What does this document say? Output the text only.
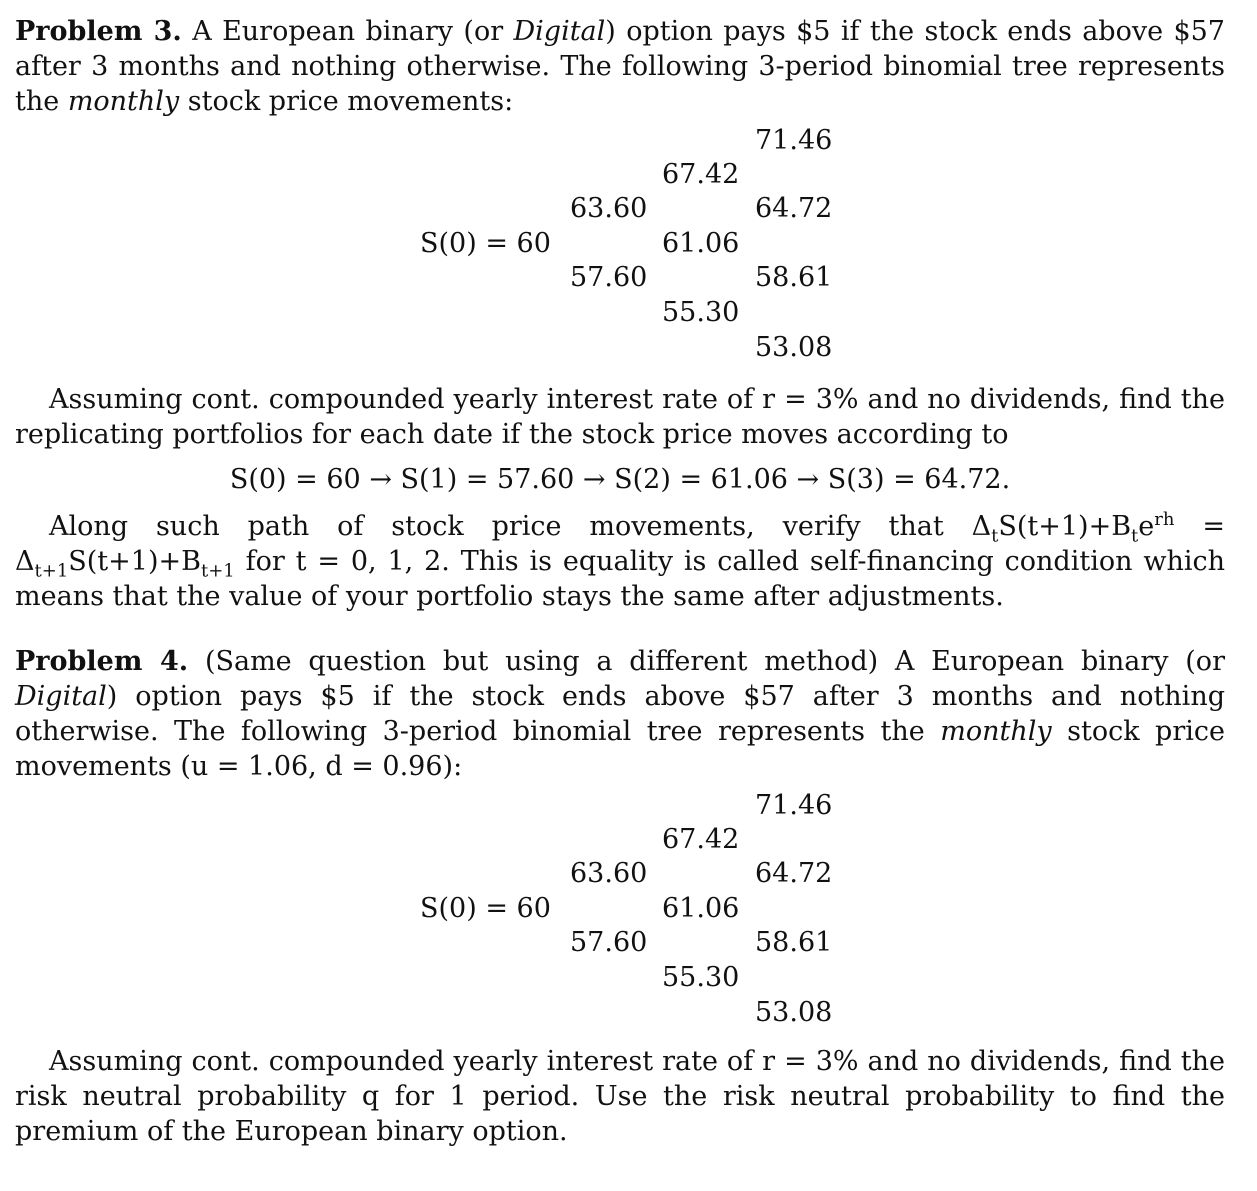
Problem 3. A European binary (or Digital) option pays $5 if the stock ends above $57 after 3 months and nothing otherwise. The following 3-period binomial tree represents the monthly stock price movements:

S(0) = 60
63.60
57.60
67.42
61.06
55.30
71.46
64.72
58.61
53.08

Assuming cont. compounded yearly interest rate of r = 3% and no dividends, find the replicating portfolios for each date if the stock price moves according to

S(0) = 60 → S(1) = 57.60 → S(2) = 61.06 → S(3) = 64.72.

Along such path of stock price movements, verify that $\Delta_tS(t+1)+B_te^{rh} = \Delta_{t+1}S(t+1)+B_{t+1}$ for t = 0, 1, 2. This is equality is called self-financing condition which means that the value of your portfolio stays the same after adjustments.

Problem 4. (Same question but using a different method) A European binary (or Digital) option pays $5 if the stock ends above $57 after 3 months and nothing otherwise. The following 3-period binomial tree represents the monthly stock price movements (u = 1.06, d = 0.96):

S(0) = 60
63.60
57.60
67.42
61.06
55.30
71.46
64.72
58.61
53.08

Assuming cont. compounded yearly interest rate of r = 3% and no dividends, find the risk neutral probability q for 1 period. Use the risk neutral probability to find the premium of the European binary option.
